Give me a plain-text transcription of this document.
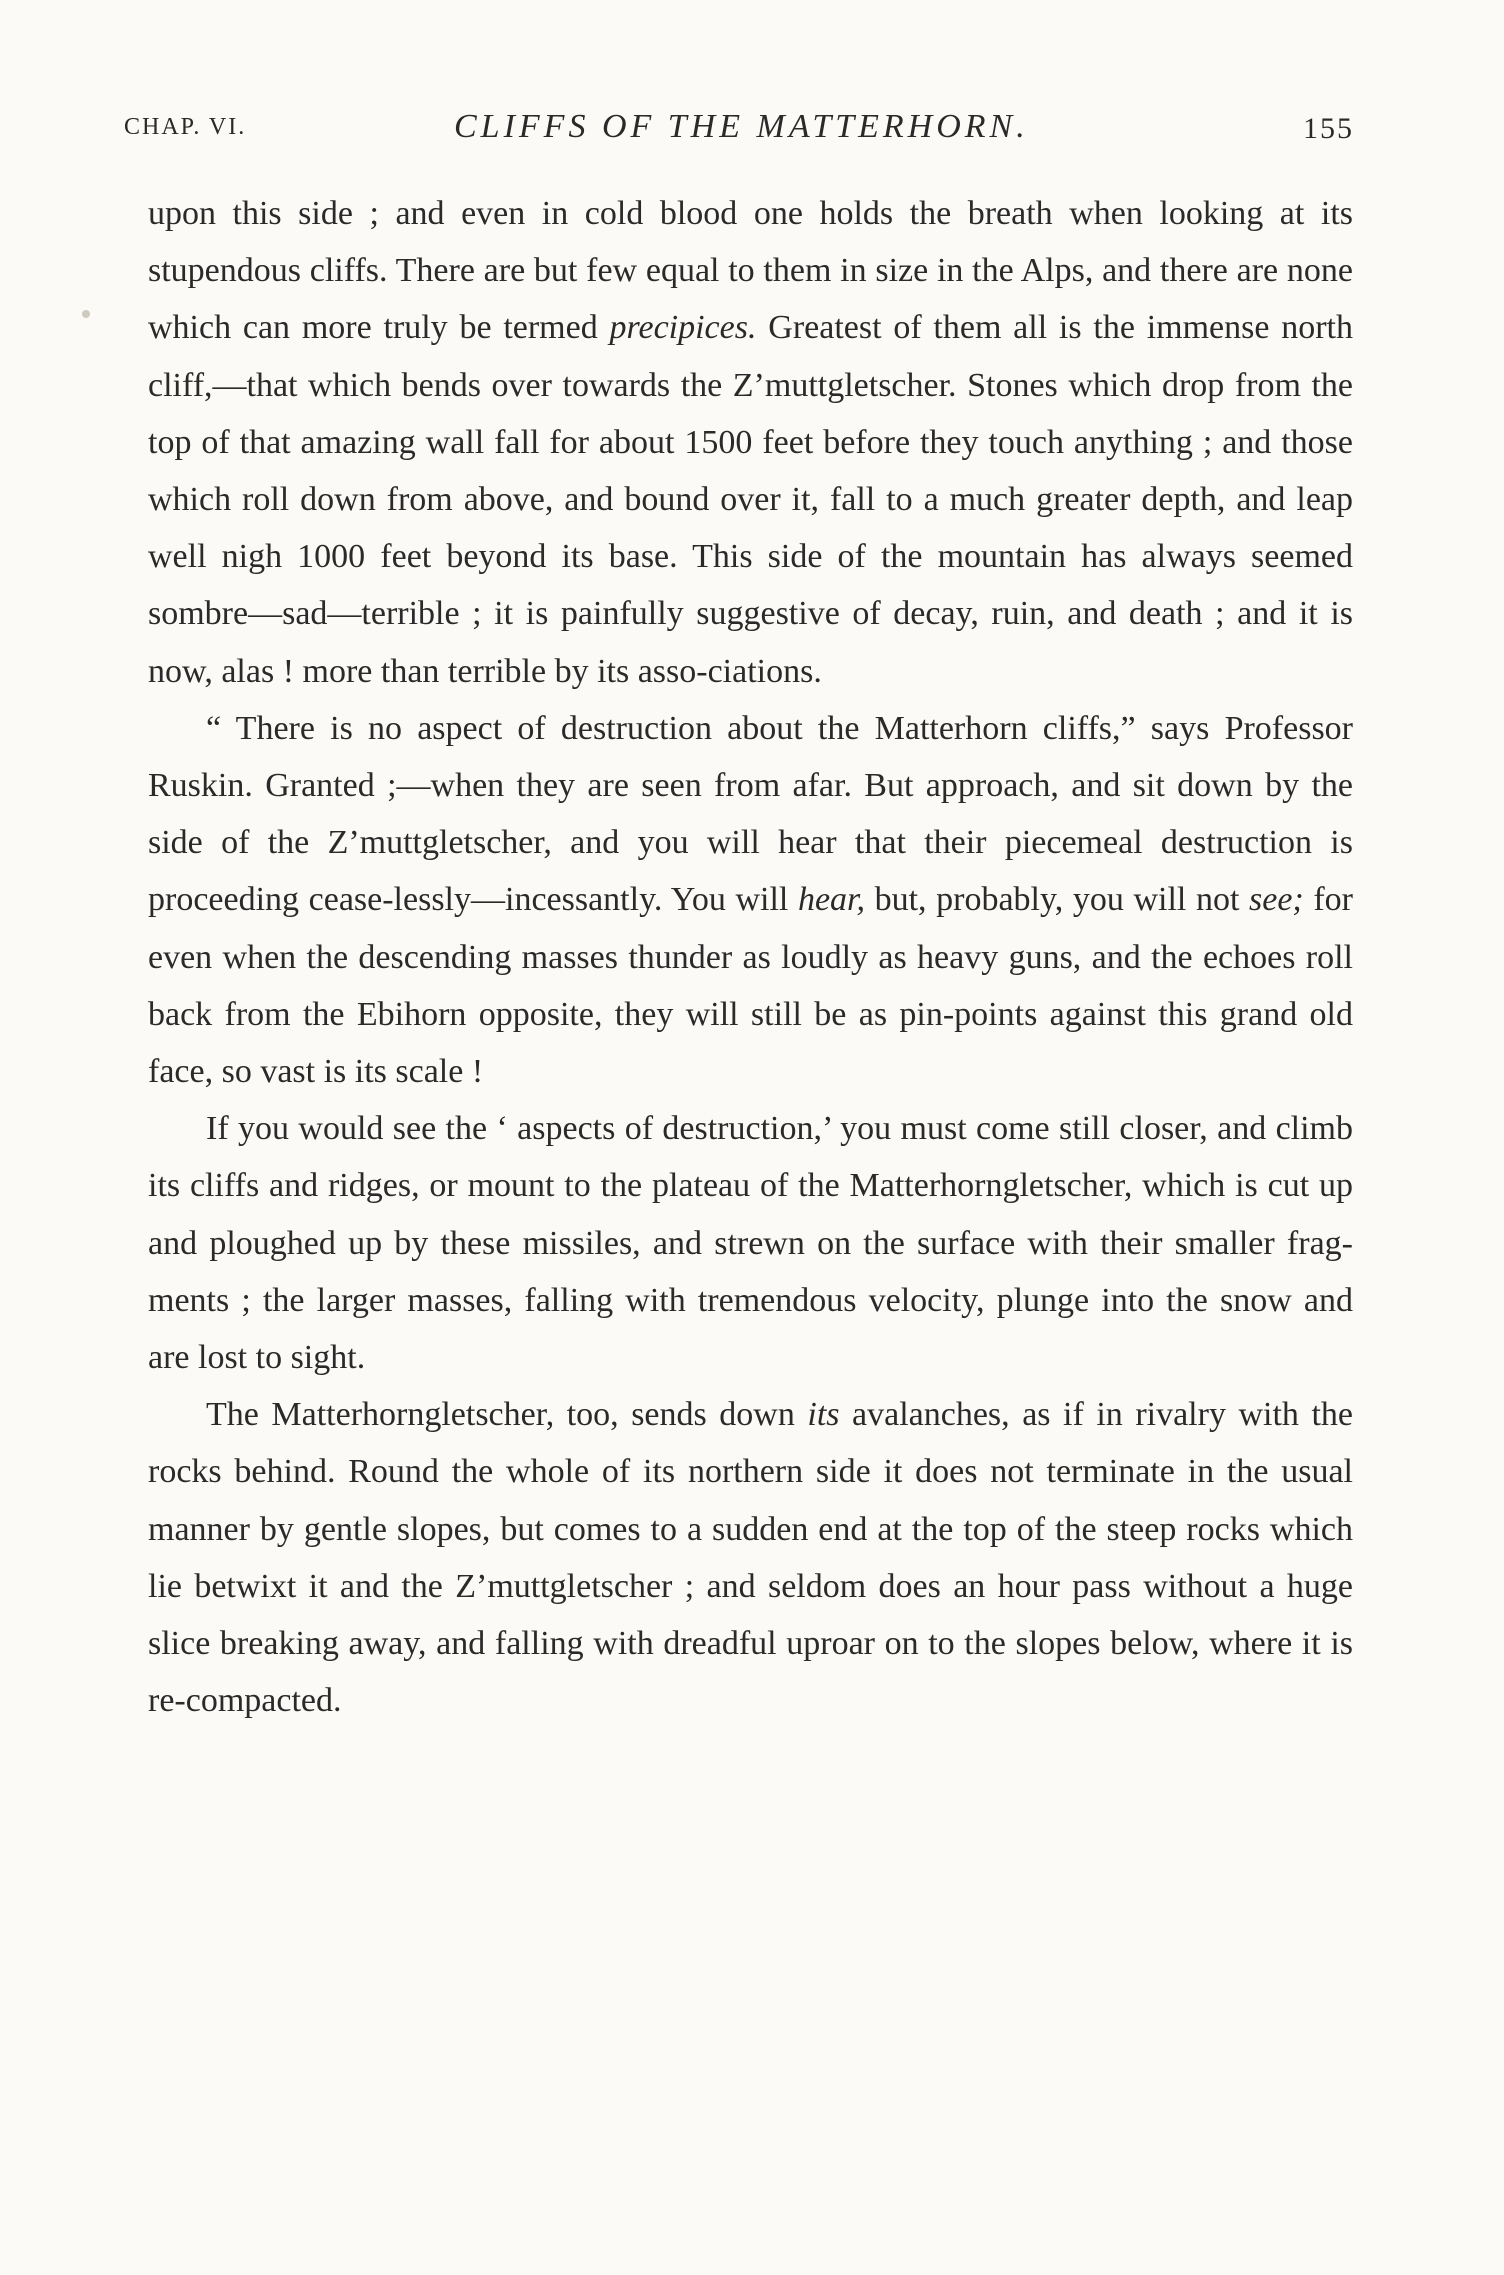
CHAP. VI.	CLIFFS OF THE MATTERHORN.	155

upon this side ; and even in cold blood one holds the breath when looking at its stupendous cliffs. There are but few equal to them in size in the Alps, and there are none which can more truly be termed precipices. Greatest of them all is the immense north cliff,—that which bends over towards the Z’muttgletscher. Stones which drop from the top of that amazing wall fall for about 1500 feet before they touch anything ; and those which roll down from above, and bound over it, fall to a much greater depth, and leap well nigh 1000 feet beyond its base. This side of the mountain has always seemed sombre—sad—terrible ; it is painfully suggestive of decay, ruin, and death ; and it is now, alas ! more than terrible by its asso-ciations.

“ There is no aspect of destruction about the Matterhorn cliffs,” says Professor Ruskin. Granted ;—when they are seen from afar. But approach, and sit down by the side of the Z’muttgletscher, and you will hear that their piecemeal destruction is proceeding cease-lessly—incessantly. You will hear, but, probably, you will not see; for even when the descending masses thunder as loudly as heavy guns, and the echoes roll back from the Ebihorn opposite, they will still be as pin-points against this grand old face, so vast is its scale !

If you would see the ‘ aspects of destruction,’ you must come still closer, and climb its cliffs and ridges, or mount to the plateau of the Matterhorngletscher, which is cut up and ploughed up by these missiles, and strewn on the surface with their smaller frag-ments ; the larger masses, falling with tremendous velocity, plunge into the snow and are lost to sight.

The Matterhorngletscher, too, sends down its avalanches, as if in rivalry with the rocks behind. Round the whole of its northern side it does not terminate in the usual manner by gentle slopes, but comes to a sudden end at the top of the steep rocks which lie betwixt it and the Z’muttgletscher ; and seldom does an hour pass without a huge slice breaking away, and falling with dreadful uproar on to the slopes below, where it is re-compacted.
